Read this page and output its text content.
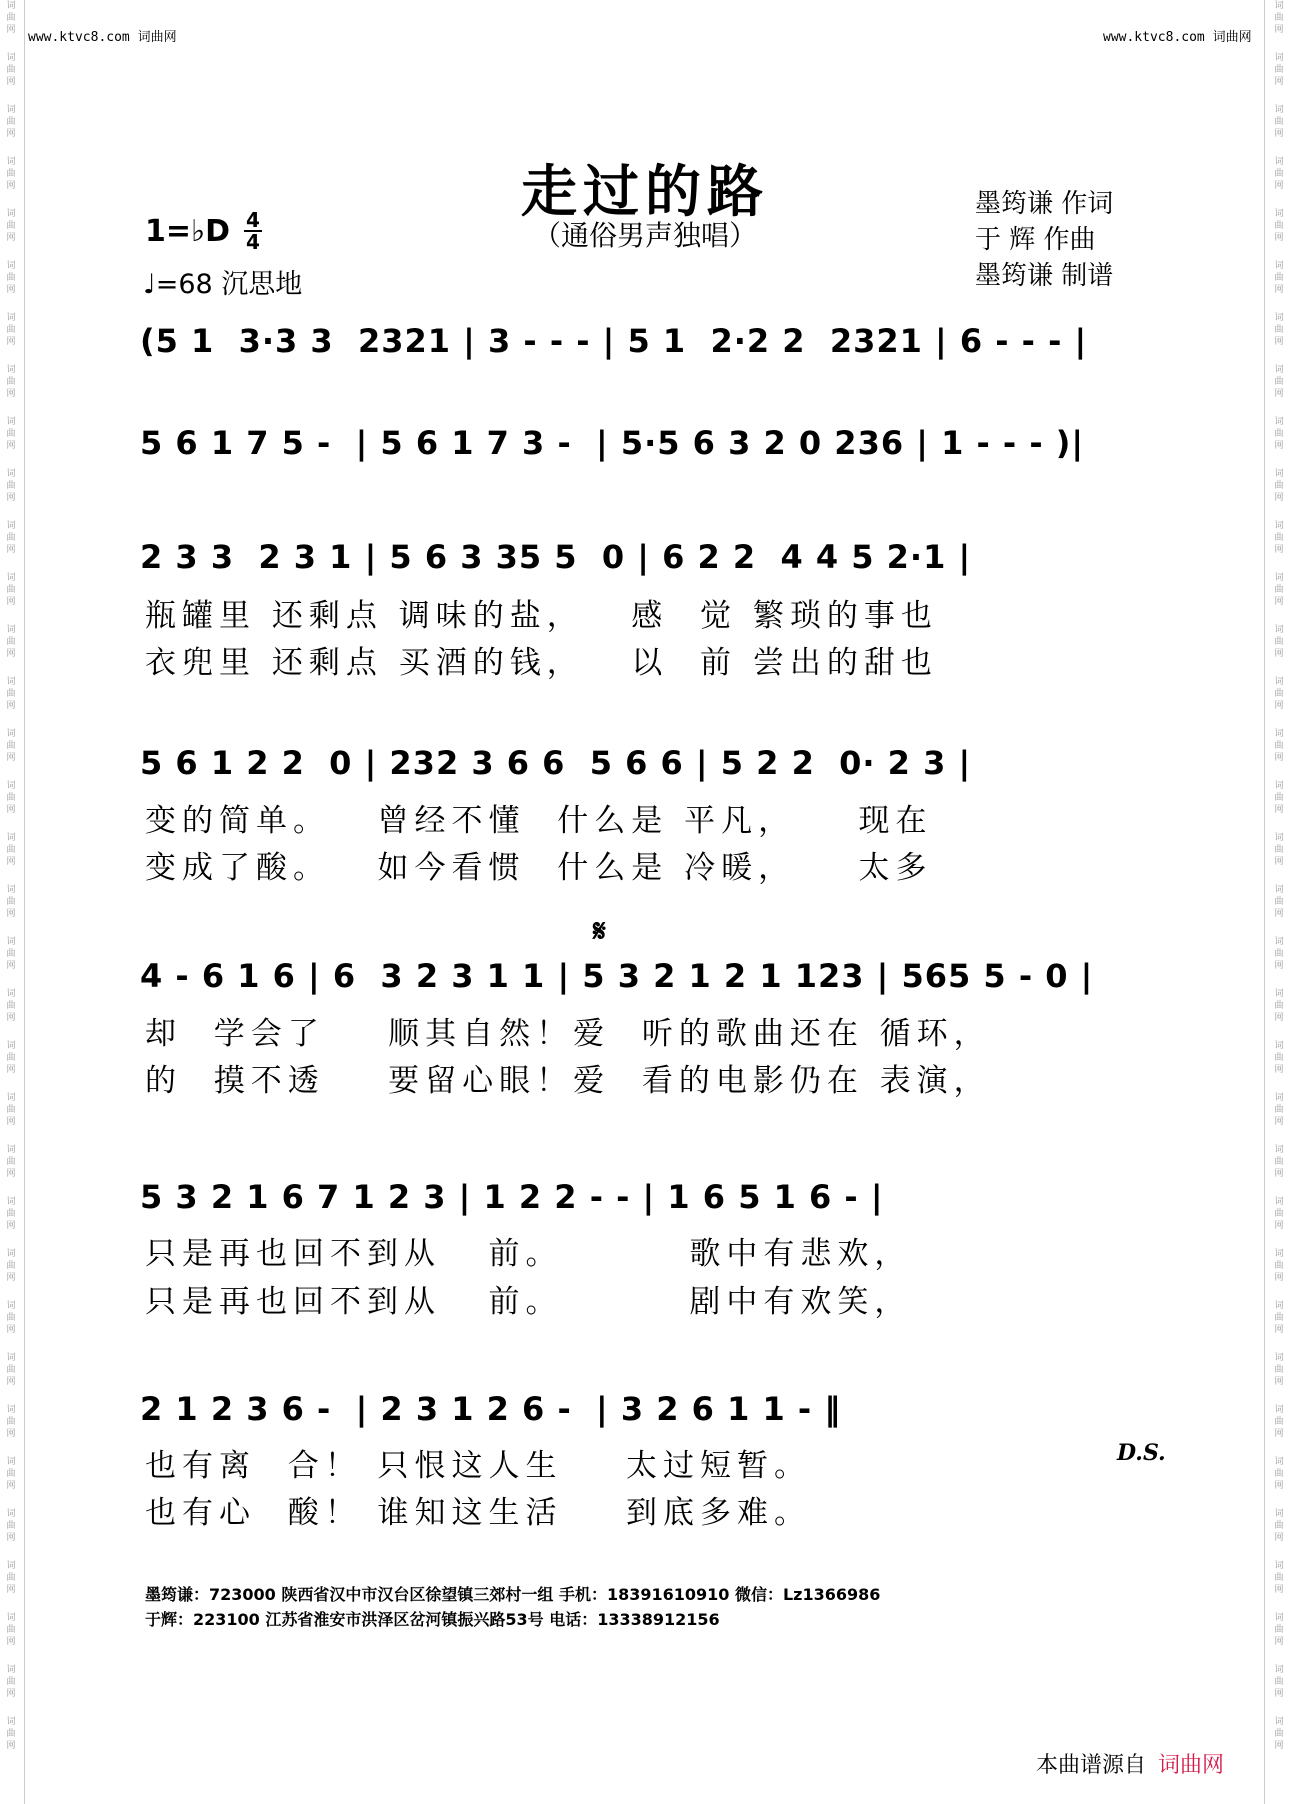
词
曲
网
词
曲
网
词
曲
网
词
曲
网
词
曲
网
词
曲
网
词
曲
网
词
曲
网
词
曲
网
词
曲
网
词
曲
网
词
曲
网
词
曲
网
词
曲
网
词
曲
网
词
曲
网
词
曲
网
词
曲
网
词
曲
网
词
曲
网
词
曲
网
词
曲
网
词
曲
网
词
曲
网
词
曲
网
词
曲
网
词
曲
网
词
曲
网
词
曲
网
词
曲
网
词
曲
网
词
曲
网
词
曲
网
词
曲
网
词
曲
网
词
曲
网
词
曲
网
词
曲
网
词
曲
网
词
曲
网
词
曲
网
词
曲
网
词
曲
网
词
曲
网
词
曲
网
词
曲
网
词
曲
网
词
曲
网
词
曲
网
词
曲
网
词
曲
网
词
曲
网
词
曲
网
词
曲
网
词
曲
网
词
曲
网
词
曲
网
词
曲
网
词
曲
网
词
曲
网
词
曲
网
词
曲
网
词
曲
网
词
曲
网
词
曲
网
词
曲
网
词
曲
网
词
曲
网
www.ktvc8.com 词曲网	www.ktvc8.com 词曲网
走过的路
（通俗男声独唱）
1=♭D 4
4
♩=68 沉思地
墨筠谦 作词
于 辉 作曲
墨筠谦 制谱
(5 1  3·3 3  2321 | 3 - - - | 5 1  2·2 2  2321 | 6 - - - |
5 6 1 7 5 -  | 5 6 1 7 3 -  | 5·5 6 3 2 0 236 | 1 - - - )|
2 3 3  2 3 1 | 5 6 3 35 5  0 | 6 2 2  4 4 5 2·1 |
瓶罐里 还剩点 调味的盐，   感  觉 繁琐的事也
衣兜里 还剩点 买酒的钱，   以  前 尝出的甜也
5 6 1 2 2  0 | 232 3 6 6  5 6 6 | 5 2 2  0· 2 3 |
变的简单。   曾经不懂  什么是 平凡，    现在
变成了酸。   如今看惯  什么是 冷暖，    太多
𝄋
4 - 6 1 6 | 6  3 2 3 1 1 | 5 3 2 1 2 1 123 | 565 5 - 0 |
却  学会了    顺其自然！爱  听的歌曲还在 循环，
的  摸不透    要留心眼！爱  看的电影仍在 表演，
5 3 2 1 6 7 1 2 3 | 1 2 2 - - | 1 6 5 1 6 - |
只是再也回不到从   前。        歌中有悲欢，
只是再也回不到从   前。        剧中有欢笑，
2 1 2 3 6 -  | 2 3 1 2 6 -  | 3 2 6 1 1 - ‖
也有离  合！ 只恨这人生    太过短暂。
也有心  酸！ 谁知这生活    到底多难。
D.S.
墨筠谦：723000 陕西省汉中市汉台区徐望镇三郊村一组 手机：18391610910 微信：Lz1366986
于辉：223100 江苏省淮安市洪泽区岔河镇振兴路53号 电话：13338912156
本曲谱源自 词曲网
